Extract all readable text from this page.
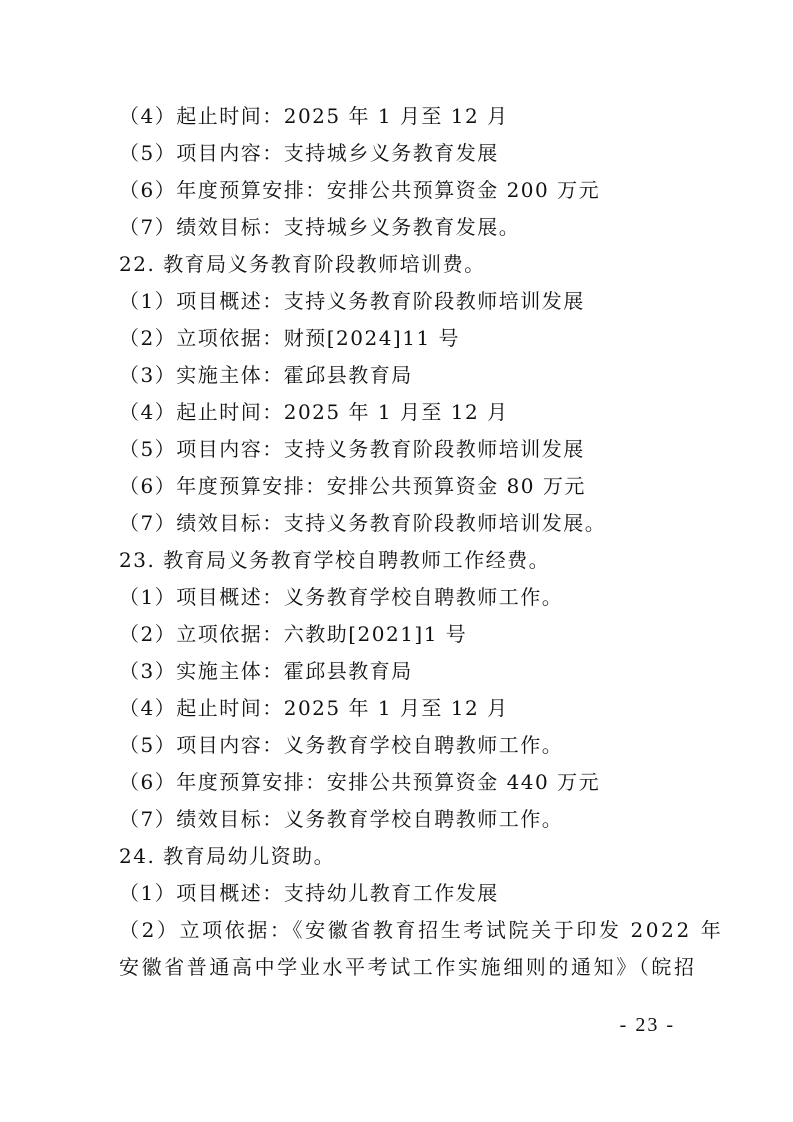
（4）起止时间：2025 年 1 月至 12 月
（5）项目内容：支持城乡义务教育发展
（6）年度预算安排：安排公共预算资金 200 万元
（7）绩效目标：支持城乡义务教育发展。
22. 教育局义务教育阶段教师培训费。
（1）项目概述：支持义务教育阶段教师培训发展
（2）立项依据：财预[2024]11 号
（3）实施主体：霍邱县教育局
（4）起止时间：2025 年 1 月至 12 月
（5）项目内容：支持义务教育阶段教师培训发展
（6）年度预算安排：安排公共预算资金 80 万元
（7）绩效目标：支持义务教育阶段教师培训发展。
23. 教育局义务教育学校自聘教师工作经费。
（1）项目概述：义务教育学校自聘教师工作。
（2）立项依据：六教助[2021]1 号
（3）实施主体：霍邱县教育局
（4）起止时间：2025 年 1 月至 12 月
（5）项目内容：义务教育学校自聘教师工作。
（6）年度预算安排：安排公共预算资金 440 万元
（7）绩效目标：义务教育学校自聘教师工作。
24. 教育局幼儿资助。
（1）项目概述：支持幼儿教育工作发展
（2）立项依据：《安徽省教育招生考试院关于印发 2022 年
安徽省普通高中学业水平考试工作实施细则的通知》（皖招
- 23 -
